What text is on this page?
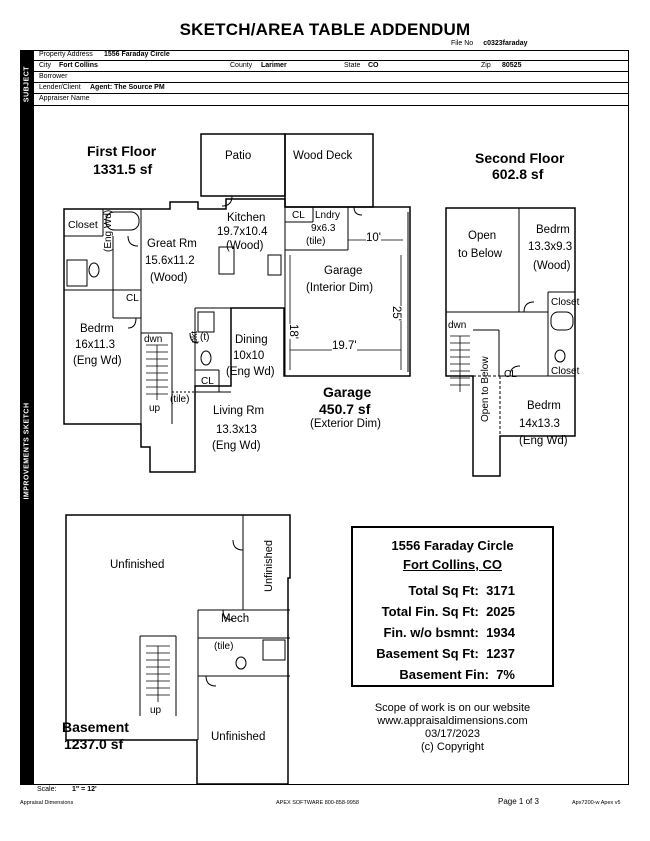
SKETCH/AREA TABLE ADDENDUM
File No c0323faraday
SUBJECT
IMPROVEMENTS SKETCH
Property Address 1556 Faraday Circle
City Fort Collins	County Larimer	State CO	Zip 80525
Borrower
Lender/Client Agent: The Source PM
Appraiser Name
First Floor
1331.5 sf
Patio	Wood Deck
Closet (Eng Wd)	Great Rm
15.6x11.2
(Wood)
Kitchen
19.7x10.4
(Wood)
CL Lndry
9x6.3
(tile)
CL
Bedrm
16x11.3
(Eng Wd)
pkt (t) Dining
10x10
(Eng Wd)
CL
dwn
up
(tile)
Living Rm
13.3x13
(Eng Wd)
Garage
(Interior Dim)
10'
18'
25'
19.7'
Garage
450.7 sf
(Exterior Dim)
Second Floor
602.8 sf
Open
to Below
Bedrm
13.3x9.3
(Wood)
Closet
dwn
Open to Below CL	Closet
Bedrm
14x13.3
(Eng Wd)
Unfinished	Unfinished
Mech
(tile)
up
Unfinished
Basement
1237.0 sf
1556 Faraday Circle
Fort Collins, CO
Total Sq Ft: 3171
Total Fin. Sq Ft: 2025
Fin. w/o bsmnt: 1934
Basement Sq Ft: 1237
Basement Fin: 7%
Scope of work is on our website
www.appraisaldimensions.com
03/17/2023
(c) Copyright
Scale: 1" = 12'
Appraisal Dimensions	APEX SOFTWARE 800-858-9958	Page 1 of 3	Apx7200-w Apex v5
